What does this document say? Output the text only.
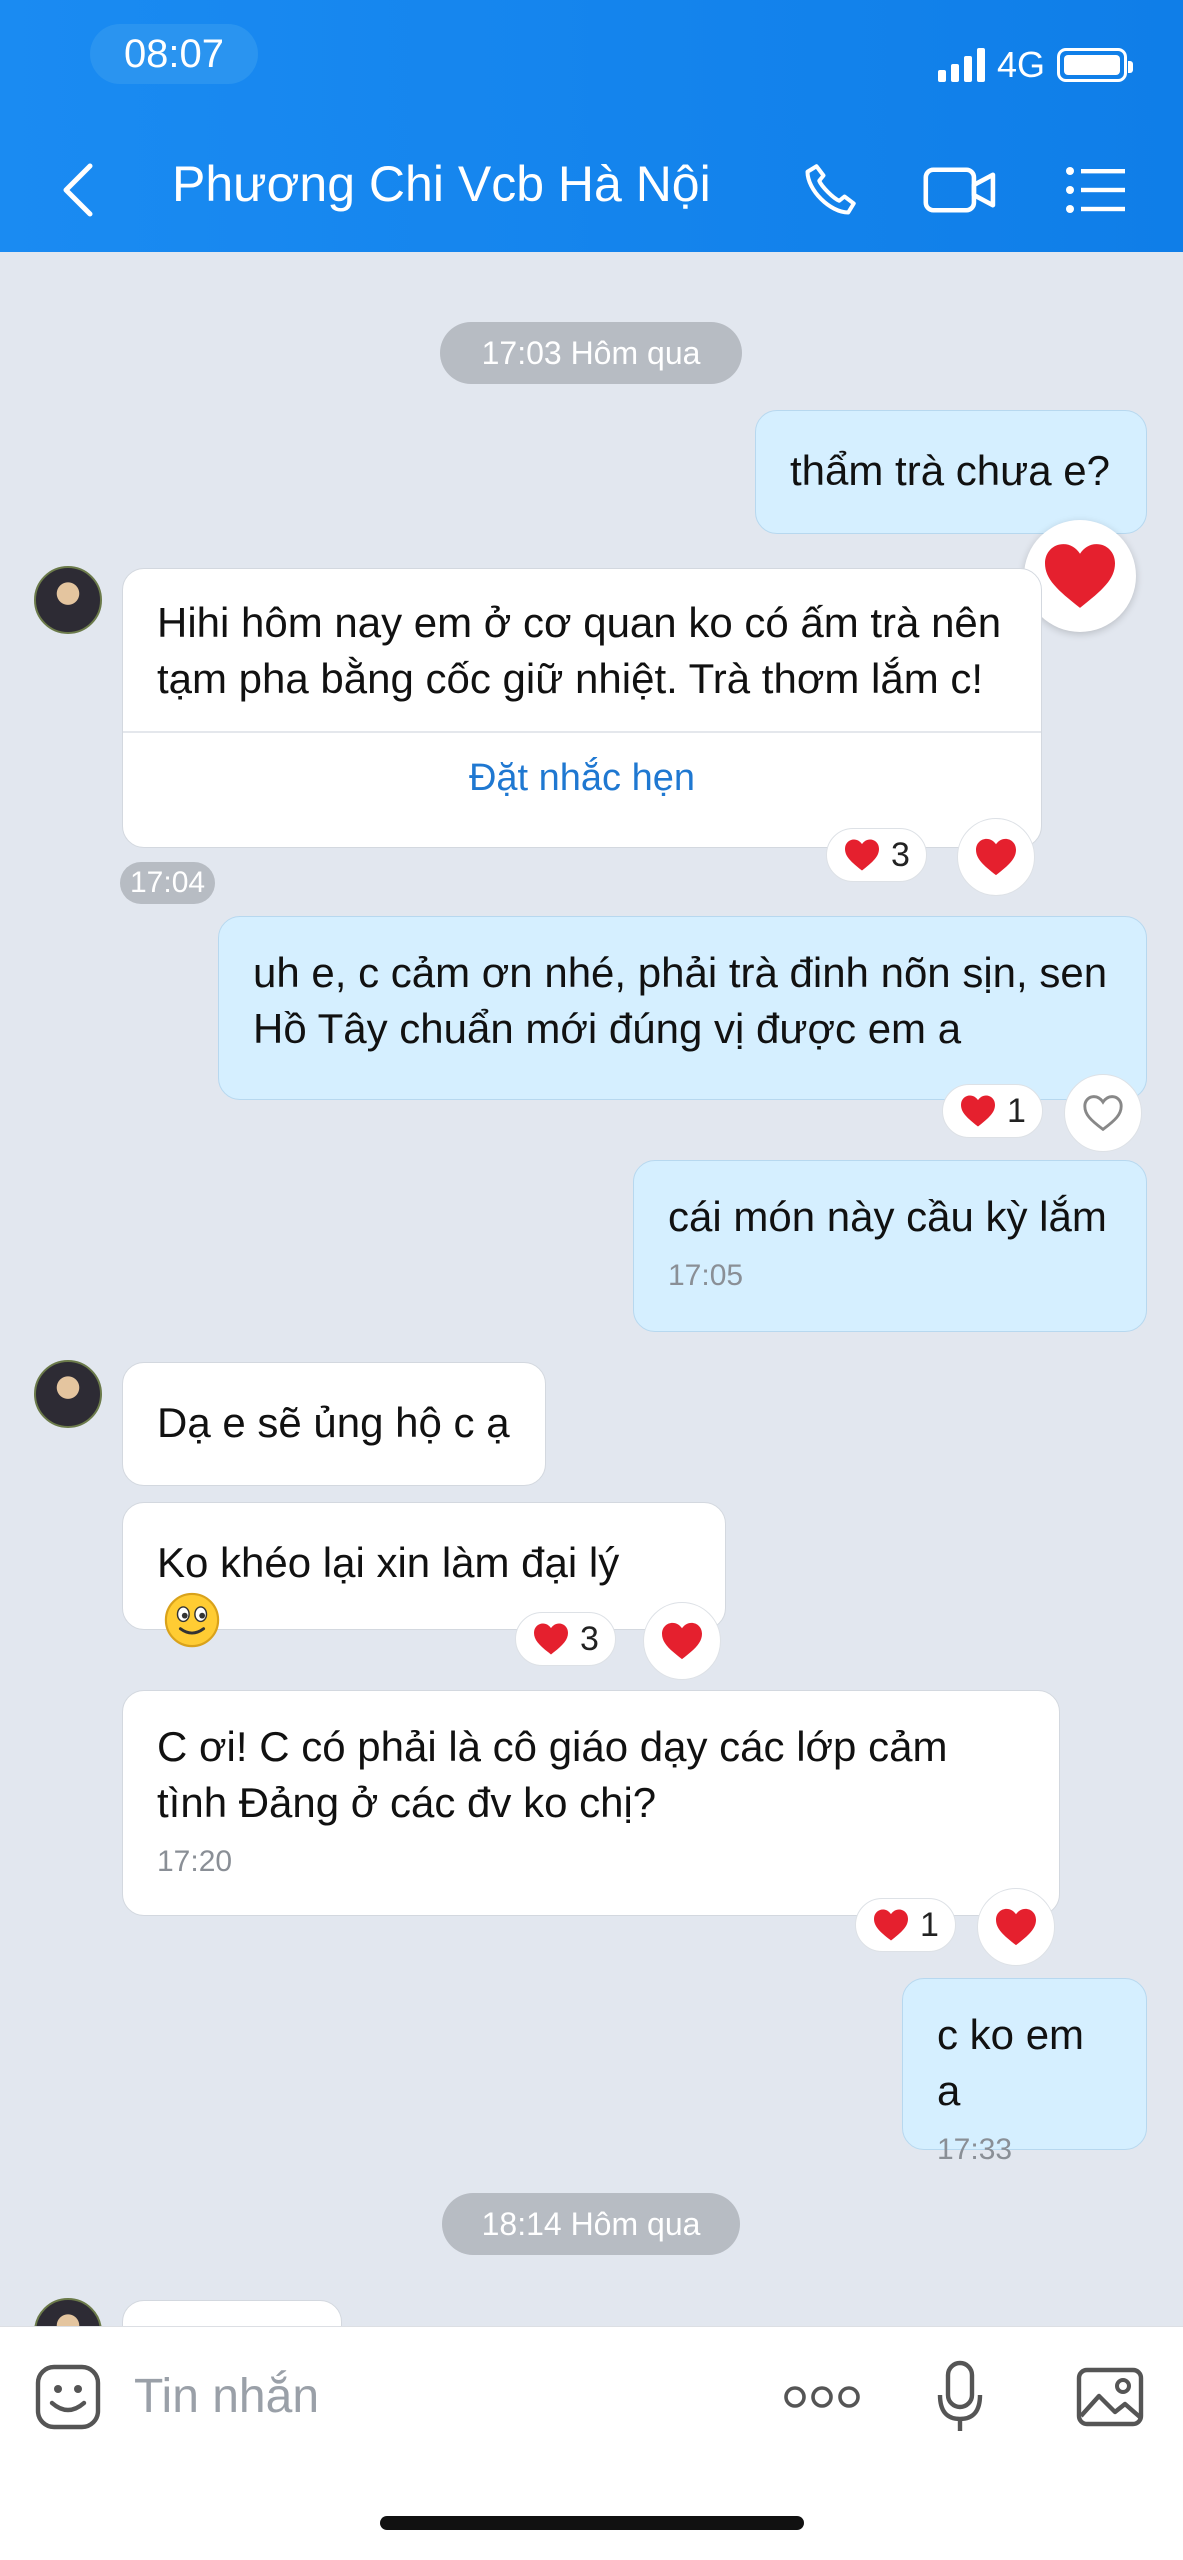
08:07	4G
Phương Chi Vcb Hà Nội
17:03 Hôm qua
thẩm trà chưa e?
Hihi hôm nay em ở cơ quan ko có ấm trà nên tạm pha bằng cốc giữ nhiệt. Trà thơm lắm c!
Đặt nhắc hẹn
17:04
3
uh e, c cảm ơn nhé, phải trà đinh nõn sịn, sen Hồ Tây chuẩn mới đúng vị được em a
1
cái món này cầu kỳ lắm
17:05
Dạ e sẽ ủng hộ c ạ
Ko khéo lại xin làm đại lý
3
C ơi! C có phải là cô giáo dạy các lớp cảm tình Đảng ở các đv ko chị?
17:20
1
c ko em a
17:33
18:14 Hôm qua
Tin nhắn
